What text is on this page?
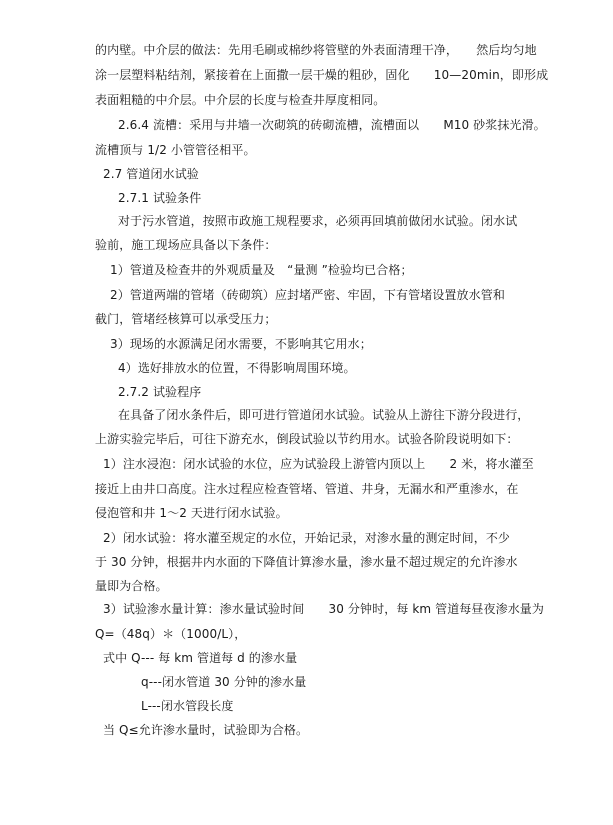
的内壁。中介层的做法：先用毛刷或棉纱将管壁的外表面清理干净，　　然后均匀地
涂一层塑料粘结剂，紧接着在上面撒一层干燥的粗砂，固化　　10—20min，即形成
表面粗糙的中介层。中介层的长度与检查井厚度相同。
2.6.4 流槽：采用与井墙一次砌筑的砖砌流槽，流槽面以　　M10 砂浆抹光滑。
流槽顶与 1/2 小管管径相平。
2.7 管道闭水试验
2.7.1 试验条件
对于污水管道，按照市政施工规程要求，必须再回填前做闭水试验。闭水试
验前，施工现场应具备以下条件：
1）管道及检查井的外观质量及　“量测 ”检验均已合格；
2）管道两端的管堵（砖砌筑）应封堵严密、牢固，下有管堵设置放水管和
截门，管堵经核算可以承受压力；
3）现场的水源满足闭水需要，不影响其它用水；
4）选好排放水的位置，不得影响周围环境。
2.7.2 试验程序
在具备了闭水条件后，即可进行管道闭水试验。试验从上游往下游分段进行，
上游实验完毕后，可往下游充水，倒段试验以节约用水。试验各阶段说明如下：
1）注水浸泡：闭水试验的水位，应为试验段上游管内顶以上　　2 米，将水灌至
接近上由井口高度。注水过程应检查管堵、管道、井身，无漏水和严重渗水，在
侵泡管和井 1～2 天进行闭水试验。
2）闭水试验：将水灌至规定的水位，开始记录，对渗水量的测定时间，不少
于 30 分钟，根据井内水面的下降值计算渗水量，渗水量不超过规定的允许渗水
量即为合格。
3）试验渗水量计算：渗水量试验时间　　30 分钟时，每 km 管道每昼夜渗水量为
Q=（48q）＊（1000/L），
式中 Q--- 每 km 管道每 d 的渗水量
q---闭水管道 30 分钟的渗水量
L---闭水管段长度
当 Q≤允许渗水量时，试验即为合格。
